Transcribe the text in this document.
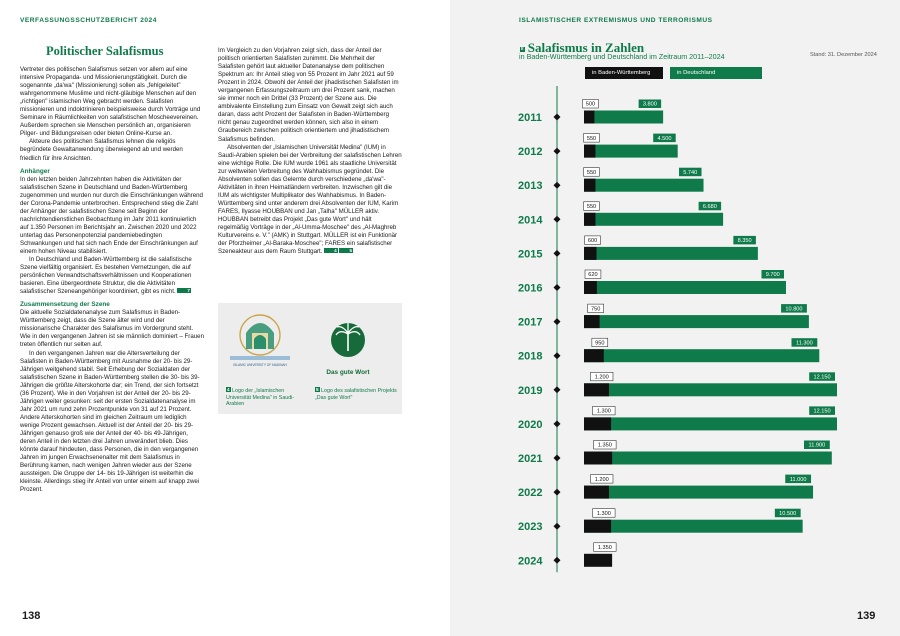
VERFASSUNGSSCHUTZBERICHT 2024
Politischer Salafismus

Vertreter des politischen Salafismus setzen vor allem auf eine intensive Propaganda- und Missionierungstätigkeit. Durch die sogenannte „da'wa" (Missionierung) sollen als „fehlgeleitet" wahrgenommene Muslime und nicht-gläubige Menschen auf den „richtigen" islamischen Weg gebracht werden. Salafisten missionieren und indoktrinieren beispielsweise durch Vorträge und Seminare in Räumlichkeiten von salafistischen Moscheevereinen. Außerdem sprechen sie Menschen persönlich an, organisieren Pilger- und Bildungsreisen oder bieten Online-Kurse an.

Akteure des politischen Salafismus lehnen die religiös begründete Gewaltanwendung überwiegend ab und werden friedlich für ihre Ansichten.

Anhänger

In den letzten beiden Jahrzehnten haben die Aktivitäten der salafistischen Szene in Deutschland und Baden-Württemberg zugenommen und wurden nur durch die Einschränkungen während der Corona-Pandemie unterbrochen. Entsprechend stieg die Zahl der Anhänger der salafistischen Szene seit Beginn der nachrichtendienstlichen Beobachtung im Jahr 2011 kontinuierlich auf 1.350 Personen im Berichtsjahr an. Zwischen 2020 und 2022 unterlag das Personenpotenzial pandemiebedingten Schwankungen und hat sich nach Ende der Einschränkungen auf einem hohen Niveau stabilisiert.

In Deutschland und Baden-Württemberg ist die salafistische Szene vielfältig organisiert. Es bestehen Vernetzungen, die auf persönlichen Verwandtschaftsverhältnissen und Kooperationen basieren. Eine übergeordnete Struktur, die die Aktivitäten salafistischer Szeneangehöriger koordiniert, gibt es nicht.	7

Zusammensetzung der Szene

Die aktuelle Sozialdatenanalyse zum Salafismus in Baden-Württemberg zeigt, dass die Szene älter wird und der missionarische Charakter des Salafismus im Vordergrund steht. Wie in den vergangenen Jahren ist sie männlich dominiert – Frauen treten öffentlich nur selten auf.

In den vergangenen Jahren war die Altersverteilung der Salafisten in Baden-Württemberg mit Ausnahme der 20- bis 29-Jährigen weitgehend stabil. Seit Erhebung der Sozialdaten der salafistischen Szene in Baden-Württemberg stellen die 30- bis 39-Jährigen die größte Alterskohorte dar; ein Trend, der sich fortsetzt (36 Prozent). Wie in den Vorjahren ist der Anteil der 20- bis 29-Jährigen weiter gesunken: seit der ersten Sozialdatenanalyse im Jahr 2021 um rund zehn Prozentpunkte von 31 auf 21 Prozent. Andere Alterskohorten sind im gleichen Zeitraum um lediglich wenige Prozent gewachsen. Aktuell ist der Anteil der 20- bis 29-Jährigen genauso groß wie der Anteil der 40- bis 49-Jährigen, deren Anteil in den letzten drei Jahren unverändert blieb. Dies könnte darauf hindeuten, dass Personen, die in den vergangenen Jahren im jungen Erwachsenenalter mit dem Salafismus in Berührung kamen, nach wenigen Jahren wieder aus der Szene aussteigen. Die Gruppe der 14- bis 19-Jährigen ist weiterhin die kleinste. Allerdings stieg ihr Anteil von unter einem auf knapp zwei Prozent.

Im Vergleich zu den Vorjahren zeigt sich, dass der Anteil der politisch orientierten Salafisten zunimmt. Die Mehrheit der Salafisten gehört laut aktueller Datenanalyse dem politischen Spektrum an: Ihr Anteil stieg von 55 Prozent im Jahr 2021 auf 59 Prozent in 2024. Obwohl der Anteil der jihadistischen Salafisten im vergangenen Erfassungszeitraum um drei Prozent sank, machen sie immer noch ein Drittel (33 Prozent) der Szene aus. Die ambivalente Einstellung zum Einsatz von Gewalt zeigt sich auch daran, dass acht Prozent der Salafisten in Baden-Württemberg nicht genau zugeordnet werden können, sich also in einem Graubereich zwischen politisch orientiertem und jihadistischem Salafismus befinden.

Absolventen der „Islamischen Universität Medina" (IUM) in Saudi-Arabien spielen bei der Verbreitung der salafistischen Lehren eine wichtige Rolle. Die IUM wurde 1961 als staatliche Universität zur weltweiten Verbreitung des Wahhabismus gegründet. Die Absolventen sollen das Gelernte durch verschiedene „da'wa"-Aktivitäten in ihren Heimatländern verbreiten. Inzwischen gilt die IUM als wichtigster Multiplikator des Wahhabismus. In Baden-Württemberg sind unter anderem drei Absolventen der IUM, Karim FARES, Ilyasse HOUBBAN und Jan „Talha" MÜLLER aktiv. HOUBBAN betreibt das Projekt „Das gute Wort" und hält regelmäßig Vorträge in der „Al-Umma-Moschee" des „Al-Maghreb Kulturvereins e. V." (AMK) in Stuttgart. MÜLLER ist ein Funktionär der Pforzheimer „Al-Baraka-Moschee"; FARES ein salafistischer Szeneakteur aus dem Raum Stuttgart.	4	5

ISLAMIC UNIVERSITY OF MADINAH
Das gute Wort
4 Logo der „Islamischen Universität Medina" in Saudi-Arabien
5 Logo des salafistischen Projekts „Das gute Wort"
138
ISLAMISTISCHER EXTREMISMUS UND TERRORISMUS
139
8 Salafismus in Zahlen
in Baden-Württemberg und Deutschland im Zeitraum 2011–2024	Stand: 31. Dezember 2024
in Baden-Württemberg	in Deutschland
2011
500	3.800
2012
550	4.500
2013
550	5.740
2014
550	6.680
2015
600	8.350
2016
620	9.700
2017
750	10.800
2018
950	11.300
2019
1.200	12.150
2020
1.300	12.150
2021
1.350	11.900
2022
1.200	11.000
2023
1.300	10.500
2024
1.350
